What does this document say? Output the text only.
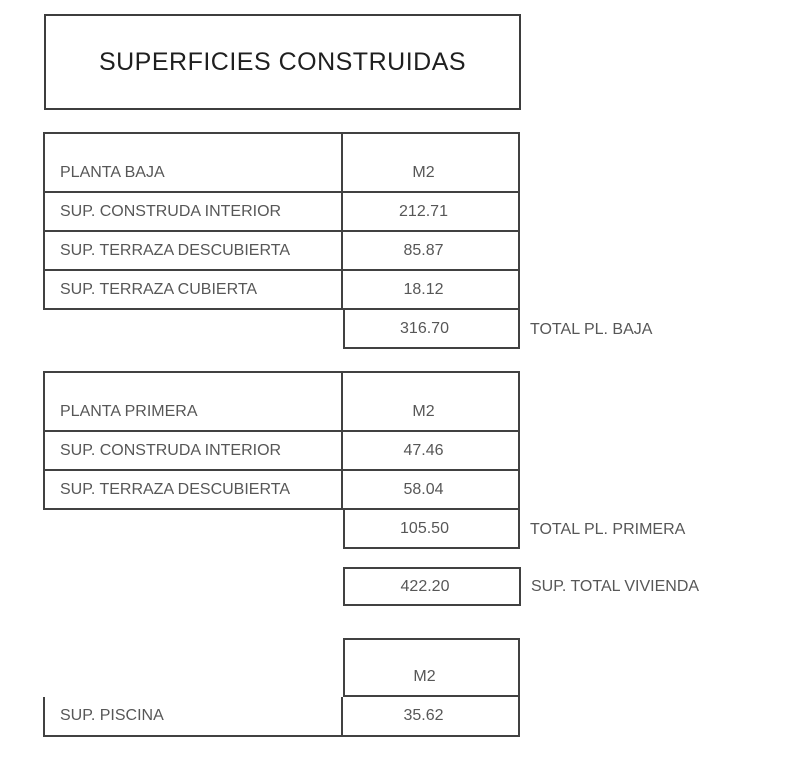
SUPERFICIES CONSTRUIDAS
PLANTA BAJA	M2
SUP. CONSTRUDA INTERIOR	212.71
SUP. TERRAZA DESCUBIERTA	85.87
SUP. TERRAZA CUBIERTA	18.12
316.70	TOTAL PL. BAJA
PLANTA PRIMERA	M2
SUP. CONSTRUDA INTERIOR	47.46
SUP. TERRAZA DESCUBIERTA	58.04
105.50	TOTAL PL. PRIMERA
422.20	SUP. TOTAL VIVIENDA
M2
SUP. PISCINA	35.62
